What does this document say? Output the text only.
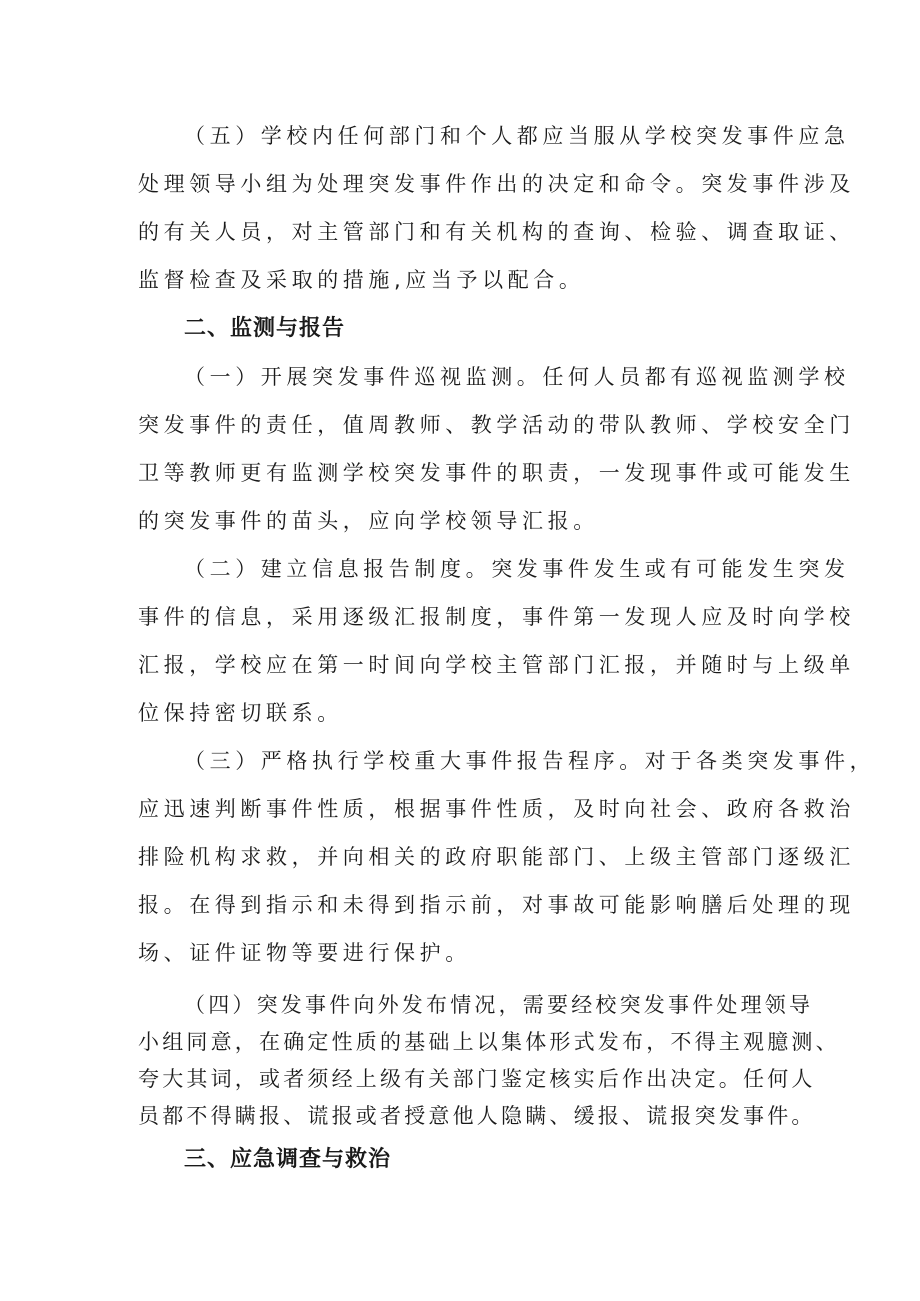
（五）学校内任何部门和个人都应当服从学校突发事件应急
处理领导小组为处理突发事件作出的决定和命令。突发事件涉及
的有关人员，对主管部门和有关机构的查询、检验、调查取证、
监督检查及采取的措施,应当予以配合。
二、监测与报告
（一）开展突发事件巡视监测。任何人员都有巡视监测学校
突发事件的责任，值周教师、教学活动的带队教师、学校安全门
卫等教师更有监测学校突发事件的职责，一发现事件或可能发生
的突发事件的苗头，应向学校领导汇报。
（二）建立信息报告制度。突发事件发生或有可能发生突发
事件的信息，采用逐级汇报制度，事件第一发现人应及时向学校
汇报，学校应在第一时间向学校主管部门汇报，并随时与上级单
位保持密切联系。
（三）严格执行学校重大事件报告程序。对于各类突发事件，
应迅速判断事件性质，根据事件性质，及时向社会、政府各救治
排险机构求救，并向相关的政府职能部门、上级主管部门逐级汇
报。在得到指示和未得到指示前，对事故可能影响膳后处理的现
场、证件证物等要进行保护。
（四）突发事件向外发布情况，需要经校突发事件处理领导
小组同意，在确定性质的基础上以集体形式发布，不得主观臆测、
夸大其词，或者须经上级有关部门鉴定核实后作出决定。任何人
员都不得瞒报、谎报或者授意他人隐瞒、缓报、谎报突发事件。
三、应急调查与救治
